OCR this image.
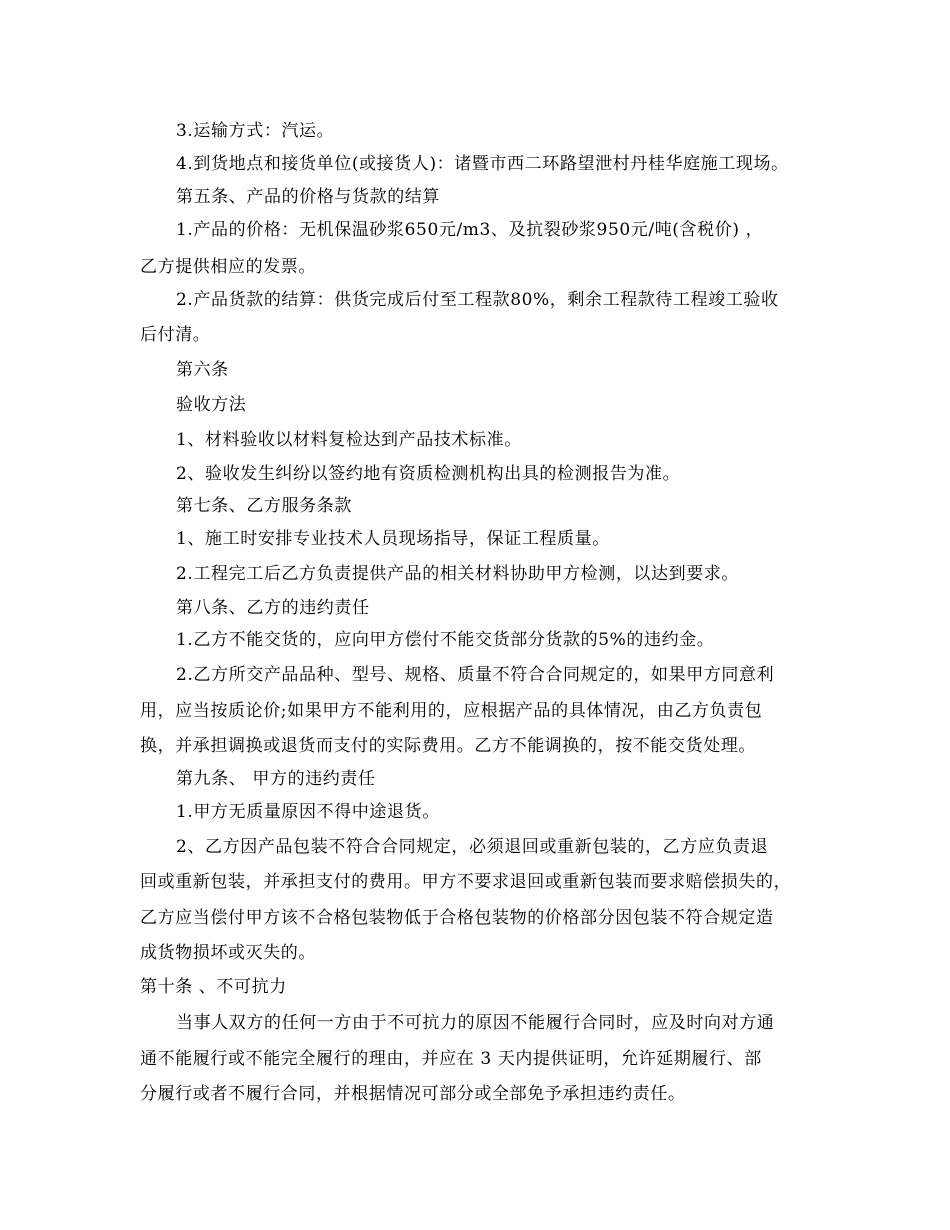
3.运输方式：汽运。
4.到货地点和接货单位(或接货人)：诸暨市西二环路望泄村丹桂华庭施工现场。
第五条、产品的价格与货款的结算
1.产品的价格：无机保温砂浆650元/m3、及抗裂砂浆950元/吨(含税价) ，
乙方提供相应的发票。
2.产品货款的结算：供货完成后付至工程款80%，剩余工程款待工程竣工验收
后付清。
第六条
验收方法
1、材料验收以材料复检达到产品技术标准。
2、验收发生纠纷以签约地有资质检测机构出具的检测报告为准。
第七条、乙方服务条款
1、施工时安排专业技术人员现场指导，保证工程质量。
2.工程完工后乙方负责提供产品的相关材料协助甲方检测，以达到要求。
第八条、乙方的违约责任
1.乙方不能交货的，应向甲方偿付不能交货部分货款的5%的违约金。
2.乙方所交产品品种、型号、规格、质量不符合合同规定的，如果甲方同意利
用，应当按质论价;如果甲方不能利用的，应根据产品的具体情况，由乙方负责包
换，并承担调换或退货而支付的实际费用。乙方不能调换的，按不能交货处理。
第九条、 甲方的违约责任
1.甲方无质量原因不得中途退货。
2、乙方因产品包装不符合合同规定，必须退回或重新包装的，乙方应负责退
回或重新包装，并承担支付的费用。甲方不要求退回或重新包装而要求赔偿损失的，
乙方应当偿付甲方该不合格包装物低于合格包装物的价格部分因包装不符合规定造
成货物损坏或灭失的。
第十条 、不可抗力
当事人双方的任何一方由于不可抗力的原因不能履行合同时，应及时向对方通
通不能履行或不能完全履行的理由，并应在 3 天内提供证明，允许延期履行、部
分履行或者不履行合同，并根据情况可部分或全部免予承担违约责任。
